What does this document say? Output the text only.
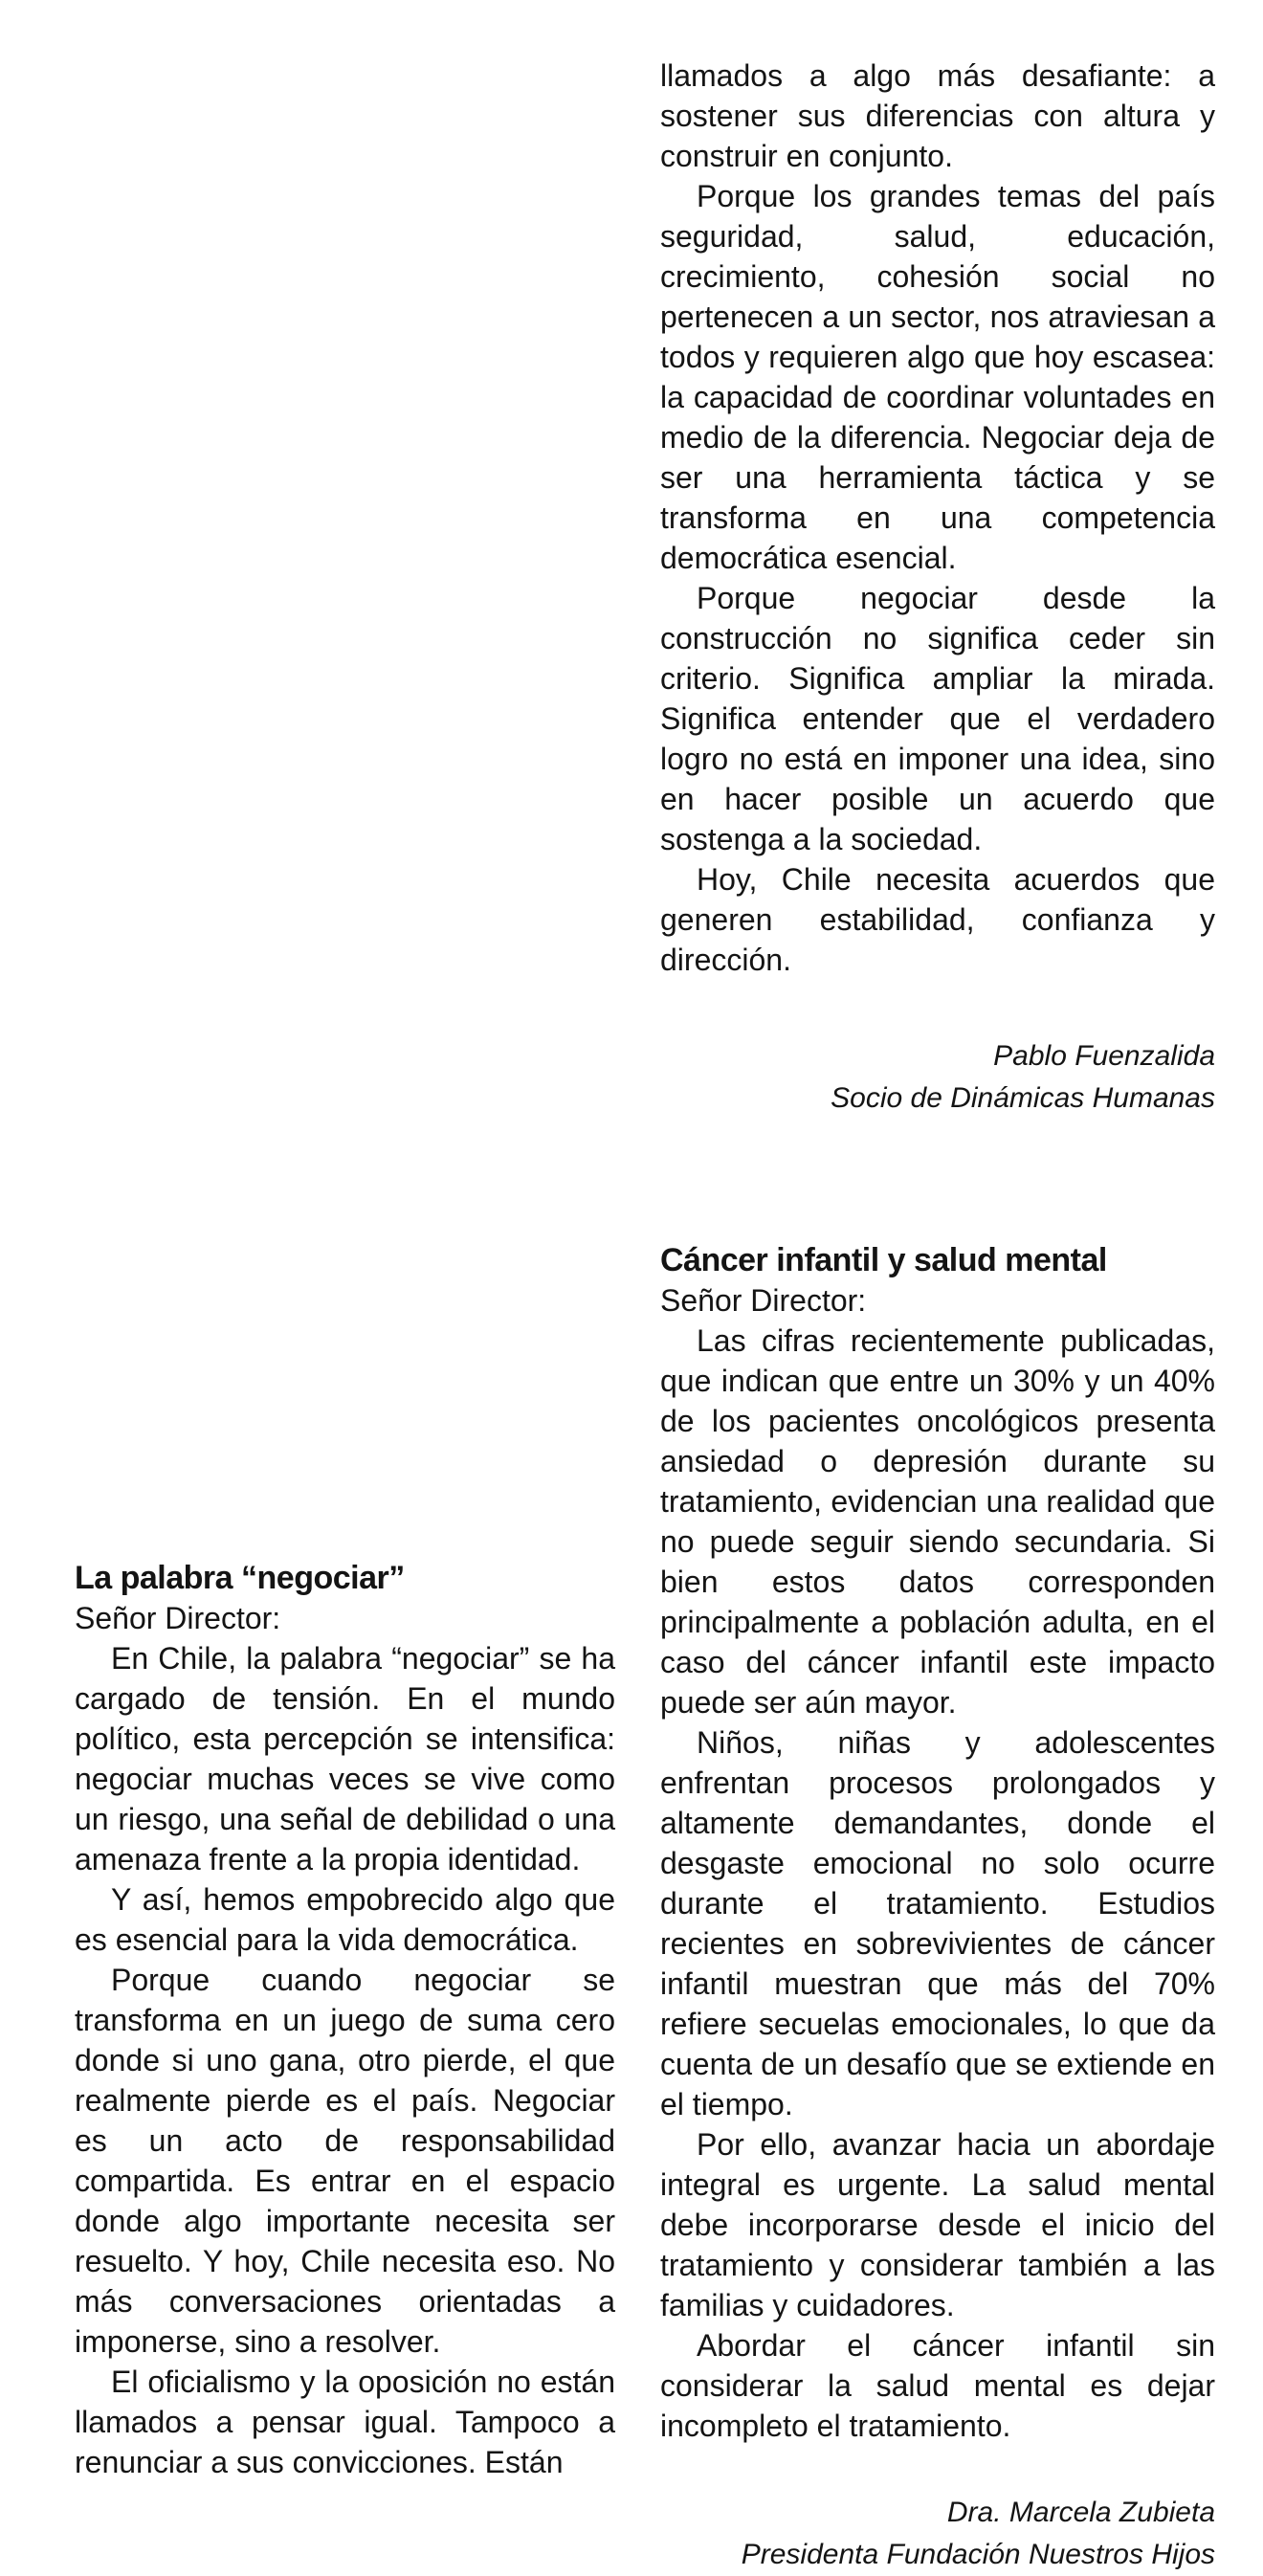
La palabra “negociar”
Señor Director:

En Chile, la palabra “negociar” se ha cargado de tensión. En el mundo político, esta percepción se intensifica: negociar muchas veces se vive como un riesgo, una señal de debilidad o una amenaza frente a la propia identidad.

Y así, hemos empobrecido algo que es esencial para la vida democrática.

Porque cuando negociar se transforma en un juego de suma cero donde si uno gana, otro pierde, el que realmente pierde es el país. Negociar es un acto de responsabilidad compartida. Es entrar en el espacio donde algo importante necesita ser resuelto. Y hoy, Chile necesita eso. No más conversaciones orientadas a imponerse, sino a resolver.

El oficialismo y la oposición no están llamados a pensar igual. Tampoco a renunciar a sus convicciones. Están

llamados a algo más desafiante: a sostener sus diferencias con altura y construir en conjunto.

Porque los grandes temas del país seguridad, salud, educación, crecimiento, cohesión social no pertenecen a un sector, nos atraviesan a todos y requieren algo que hoy escasea: la capacidad de coordinar voluntades en medio de la diferencia. Negociar deja de ser una herramienta táctica y se transforma en una competencia democrática esencial.

Porque negociar desde la construcción no significa ceder sin criterio. Significa ampliar la mirada. Significa entender que el verdadero logro no está en imponer una idea, sino en hacer posible un acuerdo que sostenga a la sociedad.

Hoy, Chile necesita acuerdos que generen estabilidad, confianza y dirección.

Pablo Fuenzalida
Socio de Dinámicas Humanas
Cáncer infantil y salud mental
Señor Director:

Las cifras recientemente publicadas, que indican que entre un 30% y un 40% de los pacientes oncológicos presenta ansiedad o depresión durante su tratamiento, evidencian una realidad que no puede seguir siendo secundaria. Si bien estos datos corresponden principalmente a población adulta, en el caso del cáncer infantil este impacto puede ser aún mayor.

Niños, niñas y adolescentes enfrentan procesos prolongados y altamente demandantes, donde el desgaste emocional no solo ocurre durante el tratamiento. Estudios recientes en sobrevivientes de cáncer infantil muestran que más del 70% refiere secuelas emocionales, lo que da cuenta de un desafío que se extiende en el tiempo.

Por ello, avanzar hacia un abordaje integral es urgente. La salud mental debe incorporarse desde el inicio del tratamiento y considerar también a las familias y cuidadores.

Abordar el cáncer infantil sin considerar la salud mental es dejar incompleto el tratamiento.

Dra. Marcela Zubieta
Presidenta Fundación Nuestros Hijos
